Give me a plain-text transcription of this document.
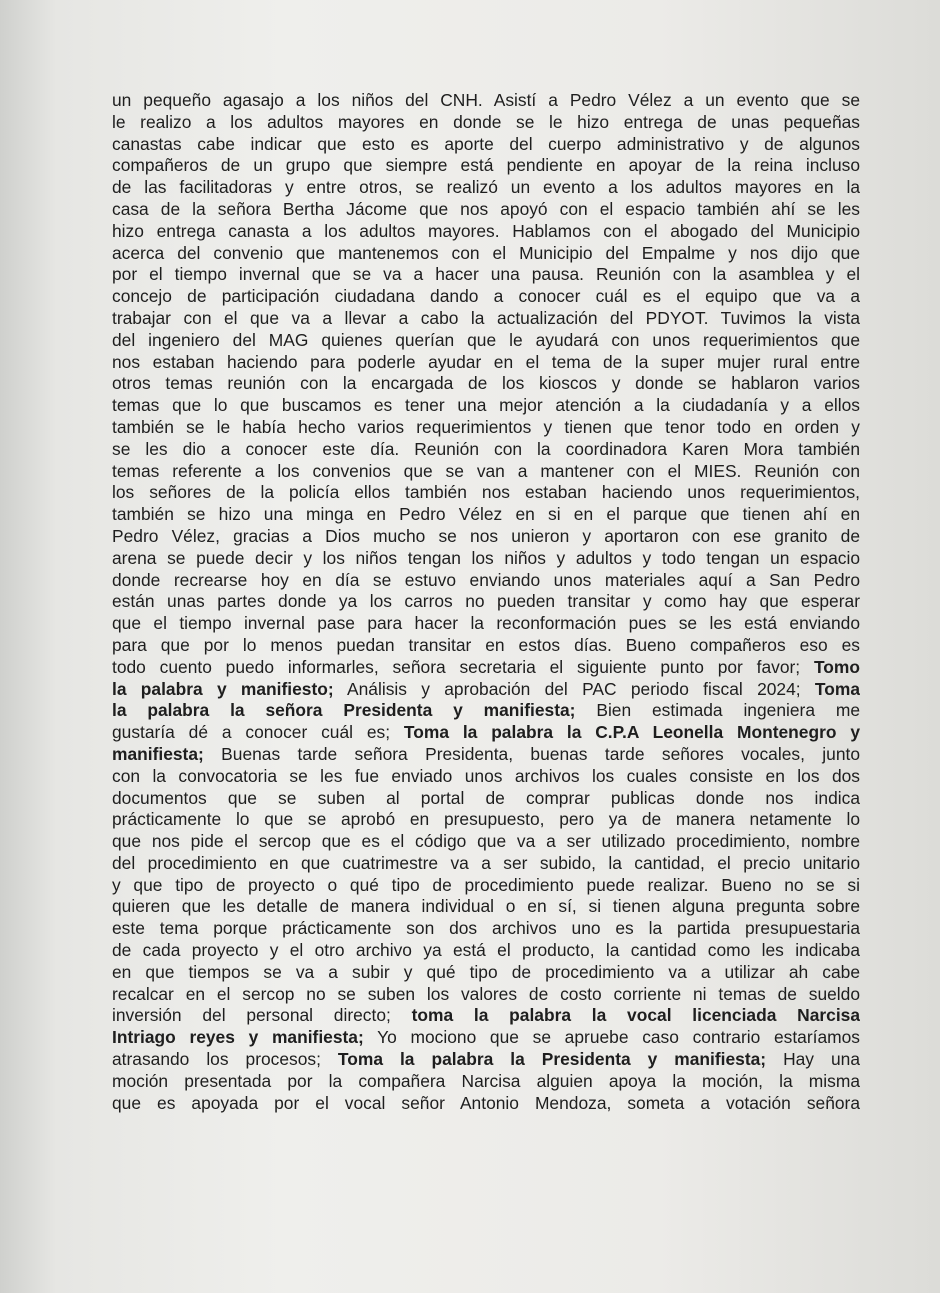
un pequeño agasajo a los niños del CNH. Asistí a Pedro Vélez a un evento que se
le realizo a los adultos mayores en donde se le hizo entrega de unas pequeñas
canastas cabe indicar que esto es aporte del cuerpo administrativo y de algunos
compañeros de un grupo que siempre está pendiente en apoyar de la reina incluso
de las facilitadoras y entre otros, se realizó un evento a los adultos mayores en la
casa de la señora Bertha Jácome que nos apoyó con el espacio también ahí se les
hizo entrega canasta a los adultos mayores. Hablamos con el abogado del Municipio
acerca del convenio que mantenemos con el Municipio del Empalme y nos dijo que
por el tiempo invernal que se va a hacer una pausa. Reunión con la asamblea y el
concejo de participación ciudadana dando a conocer cuál es el equipo que va a
trabajar con el que va a llevar a cabo la actualización del PDYOT. Tuvimos la vista
del ingeniero del MAG quienes querían que le ayudará con unos requerimientos que
nos estaban haciendo para poderle ayudar en el tema de la super mujer rural entre
otros temas reunión con la encargada de los kioscos y donde se hablaron varios
temas que lo que buscamos es tener una mejor atención a la ciudadanía y a ellos
también se le había hecho varios requerimientos y tienen que tenor todo en orden y
se les dio a conocer este día. Reunión con la coordinadora Karen Mora también
temas referente a los convenios que se van a mantener con el MIES. Reunión con
los señores de la policía ellos también nos estaban haciendo unos requerimientos,
también se hizo una minga en Pedro Vélez en si en el parque que tienen ahí en
Pedro Vélez, gracias a Dios mucho se nos unieron y aportaron con ese granito de
arena se puede decir y los niños tengan los niños y adultos y todo tengan un espacio
donde recrearse hoy en día se estuvo enviando unos materiales aquí a San Pedro
están unas partes donde ya los carros no pueden transitar y como hay que esperar
que el tiempo invernal pase para hacer la reconformación pues se les está enviando
para que por lo menos puedan transitar en estos días. Bueno compañeros eso es
todo cuento puedo informarles, señora secretaria el siguiente punto por favor; Tomo
la palabra y manifiesto; Análisis y aprobación del PAC periodo fiscal 2024; Toma
la palabra la señora Presidenta y manifiesta; Bien estimada ingeniera me
gustaría dé a conocer cuál es; Toma la palabra la C.P.A Leonella Montenegro y
manifiesta; Buenas tarde señora Presidenta, buenas tarde señores vocales, junto
con la convocatoria se les fue enviado unos archivos los cuales consiste en los dos
documentos que se suben al portal de comprar publicas donde nos indica
prácticamente lo que se aprobó en presupuesto, pero ya de manera netamente lo
que nos pide el sercop que es el código que va a ser utilizado procedimiento, nombre
del procedimiento en que cuatrimestre va a ser subido, la cantidad, el precio unitario
y que tipo de proyecto o qué tipo de procedimiento puede realizar. Bueno no se si
quieren que les detalle de manera individual o en sí, si tienen alguna pregunta sobre
este tema porque prácticamente son dos archivos uno es la partida presupuestaria
de cada proyecto y el otro archivo ya está el producto, la cantidad como les indicaba
en que tiempos se va a subir y qué tipo de procedimiento va a utilizar ah cabe
recalcar en el sercop no se suben los valores de costo corriente ni temas de sueldo
inversión del personal directo; toma la palabra la vocal licenciada Narcisa
Intriago reyes y manifiesta; Yo mociono que se apruebe caso contrario estaríamos
atrasando los procesos; Toma la palabra la Presidenta y manifiesta; Hay una
moción presentada por la compañera Narcisa alguien apoya la moción, la misma
que es apoyada por el vocal señor Antonio Mendoza, someta a votación señora
